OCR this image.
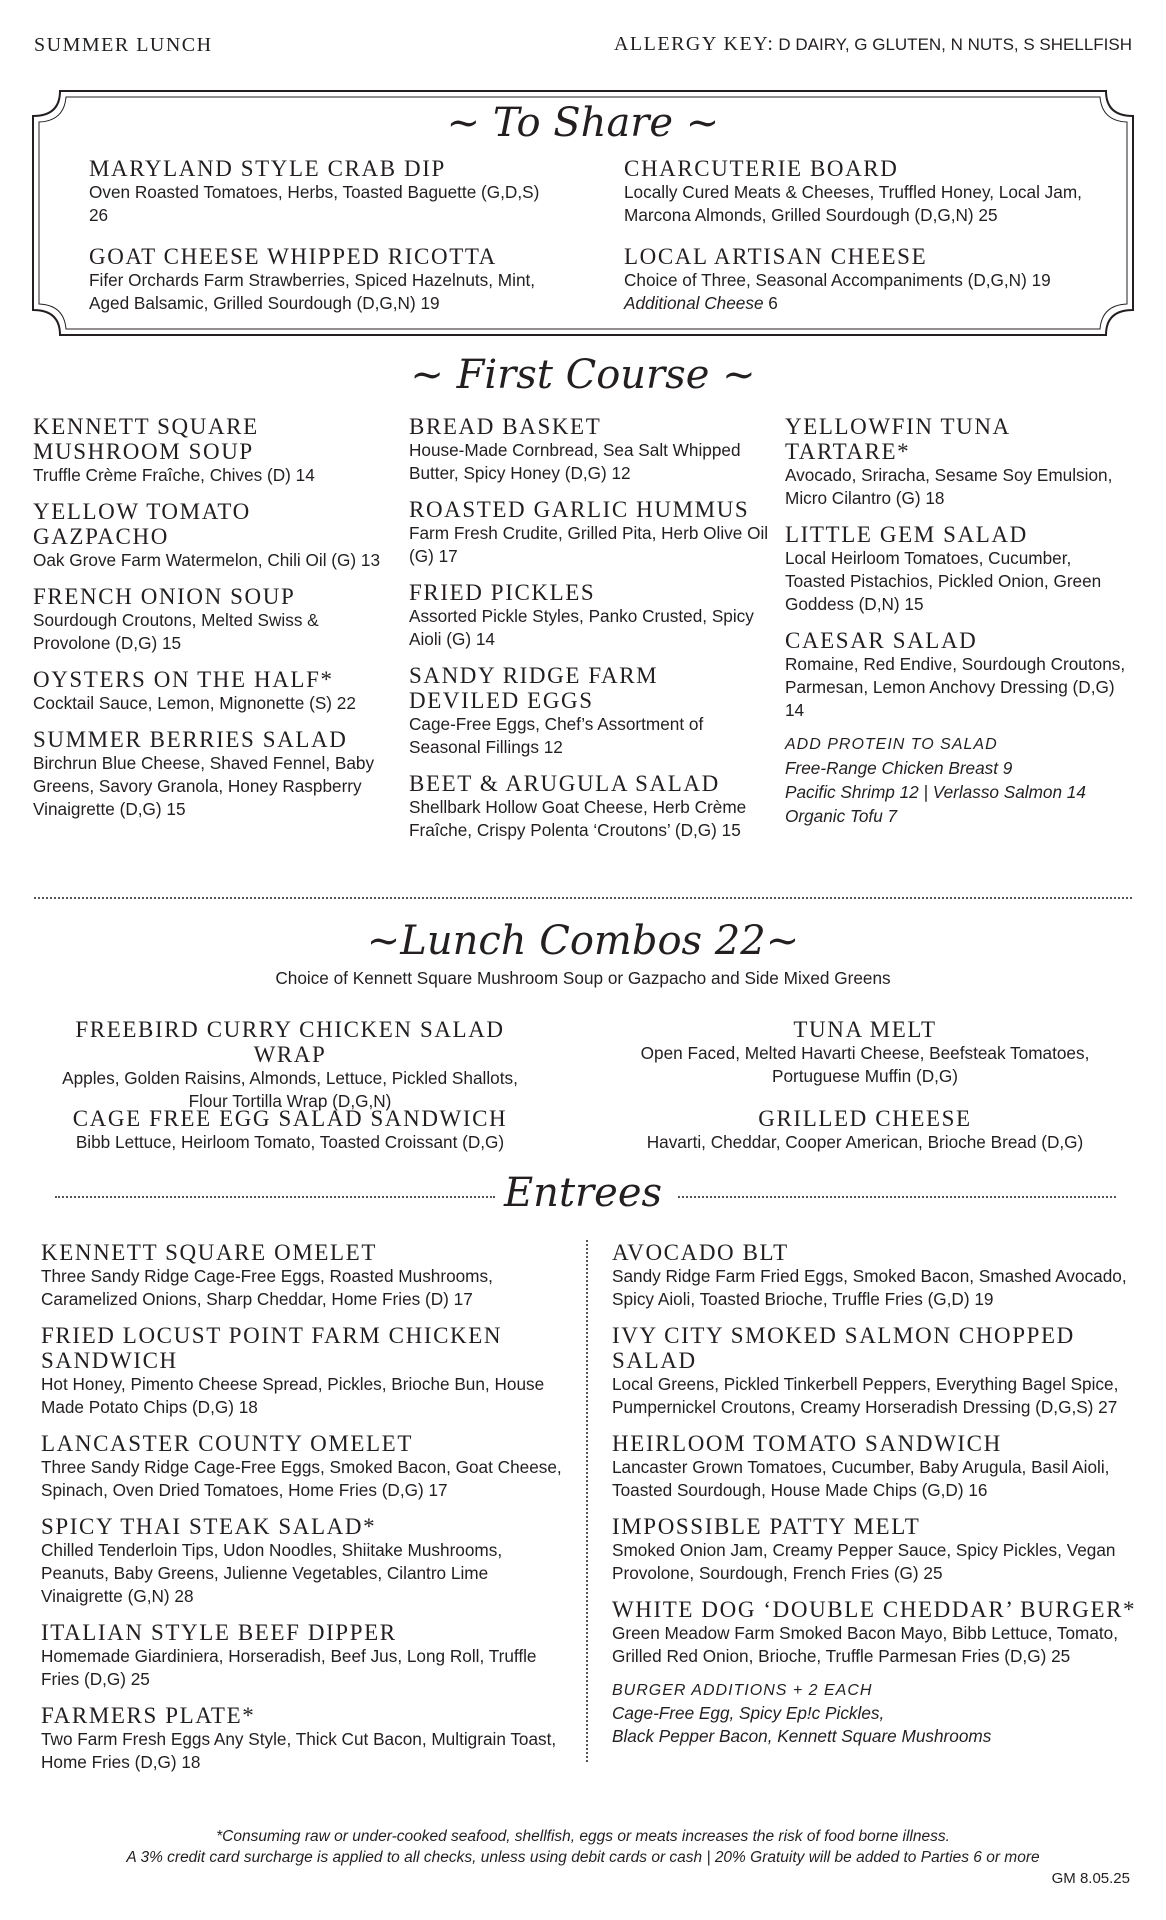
SUMMER LUNCH	ALLERGY KEY: D DAIRY, G GLUTEN, N NUTS, S SHELLFISH
~ To Share ~
MARYLAND STYLE CRAB DIP
Oven Roasted Tomatoes, Herbs, Toasted Baguette (G,D,S) 26
CHARCUTERIE BOARD
Locally Cured Meats & Cheeses, Truffled Honey, Local Jam, Marcona Almonds, Grilled Sourdough (D,G,N) 25
GOAT CHEESE WHIPPED RICOTTA
Fifer Orchards Farm Strawberries, Spiced Hazelnuts, Mint, Aged Balsamic, Grilled Sourdough (D,G,N) 19
LOCAL ARTISAN CHEESE
Choice of Three, Seasonal Accompaniments (D,G,N) 19
Additional Cheese 6
~ First Course ~
KENNETT SQUARE MUSHROOM SOUP
Truffle Crème Fraîche, Chives (D) 14
YELLOW TOMATO GAZPACHO
Oak Grove Farm Watermelon, Chili Oil (G) 13
FRENCH ONION SOUP
Sourdough Croutons, Melted Swiss & Provolone (D,G) 15
OYSTERS ON THE HALF*
Cocktail Sauce, Lemon, Mignonette (S) 22
SUMMER BERRIES SALAD
Birchrun Blue Cheese, Shaved Fennel, Baby Greens, Savory Granola, Honey Raspberry Vinaigrette (D,G) 15
BREAD BASKET
House-Made Cornbread, Sea Salt Whipped Butter, Spicy Honey (D,G) 12
ROASTED GARLIC HUMMUS
Farm Fresh Crudite, Grilled Pita, Herb Olive Oil (G) 17
FRIED PICKLES
Assorted Pickle Styles, Panko Crusted, Spicy Aioli (G) 14
SANDY RIDGE FARM DEVILED EGGS
Cage-Free Eggs, Chef’s Assortment of Seasonal Fillings 12
BEET & ARUGULA SALAD
Shellbark Hollow Goat Cheese, Herb Crème Fraîche, Crispy Polenta ‘Croutons’ (D,G) 15
YELLOWFIN TUNA TARTARE*
Avocado, Sriracha, Sesame Soy Emulsion, Micro Cilantro (G) 18
LITTLE GEM SALAD
Local Heirloom Tomatoes, Cucumber, Toasted Pistachios, Pickled Onion, Green Goddess (D,N) 15
CAESAR SALAD
Romaine, Red Endive, Sourdough Croutons, Parmesan, Lemon Anchovy Dressing (D,G) 14
ADD PROTEIN TO SALAD
Free-Range Chicken Breast 9
Pacific Shrimp 12 | Verlasso Salmon 14
Organic Tofu 7
~Lunch Combos 22~
Choice of Kennett Square Mushroom Soup or Gazpacho and Side Mixed Greens
FREEBIRD CURRY CHICKEN SALAD WRAP
Apples, Golden Raisins, Almonds, Lettuce, Pickled Shallots,
Flour Tortilla Wrap (D,G,N)
TUNA MELT
Open Faced, Melted Havarti Cheese, Beefsteak Tomatoes,
Portuguese Muffin (D,G)
CAGE FREE EGG SALAD SANDWICH
Bibb Lettuce, Heirloom Tomato, Toasted Croissant (D,G)
GRILLED CHEESE
Havarti, Cheddar, Cooper American, Brioche Bread (D,G)
Entrees
KENNETT SQUARE OMELET
Three Sandy Ridge Cage-Free Eggs, Roasted Mushrooms, Caramelized Onions, Sharp Cheddar, Home Fries (D) 17
FRIED LOCUST POINT FARM CHICKEN SANDWICH
Hot Honey, Pimento Cheese Spread, Pickles, Brioche Bun, House Made Potato Chips (D,G) 18
LANCASTER COUNTY OMELET
Three Sandy Ridge Cage-Free Eggs, Smoked Bacon, Goat Cheese, Spinach, Oven Dried Tomatoes, Home Fries (D,G) 17
SPICY THAI STEAK SALAD*
Chilled Tenderloin Tips, Udon Noodles, Shiitake Mushrooms, Peanuts, Baby Greens, Julienne Vegetables, Cilantro Lime Vinaigrette (G,N) 28
ITALIAN STYLE BEEF DIPPER
Homemade Giardiniera, Horseradish, Beef Jus, Long Roll, Truffle Fries (D,G) 25
FARMERS PLATE*
Two Farm Fresh Eggs Any Style, Thick Cut Bacon, Multigrain Toast, Home Fries (D,G) 18
AVOCADO BLT
Sandy Ridge Farm Fried Eggs, Smoked Bacon, Smashed Avocado, Spicy Aioli, Toasted Brioche, Truffle Fries (G,D) 19
IVY CITY SMOKED SALMON CHOPPED SALAD
Local Greens, Pickled Tinkerbell Peppers, Everything Bagel Spice, Pumpernickel Croutons, Creamy Horseradish Dressing (D,G,S) 27
HEIRLOOM TOMATO SANDWICH
Lancaster Grown Tomatoes, Cucumber, Baby Arugula, Basil Aioli, Toasted Sourdough, House Made Chips (G,D) 16
IMPOSSIBLE PATTY MELT
Smoked Onion Jam, Creamy Pepper Sauce, Spicy Pickles, Vegan Provolone, Sourdough, French Fries (G) 25
WHITE DOG ‘DOUBLE CHEDDAR’ BURGER*
Green Meadow Farm Smoked Bacon Mayo, Bibb Lettuce, Tomato, Grilled Red Onion, Brioche, Truffle Parmesan Fries (D,G) 25
BURGER ADDITIONS + 2 EACH
Cage-Free Egg, Spicy Ep!c Pickles,
Black Pepper Bacon, Kennett Square Mushrooms
*Consuming raw or under-cooked seafood, shellfish, eggs or meats increases the risk of food borne illness.
A 3% credit card surcharge is applied to all checks, unless using debit cards or cash | 20% Gratuity will be added to Parties 6 or more
GM 8.05.25
